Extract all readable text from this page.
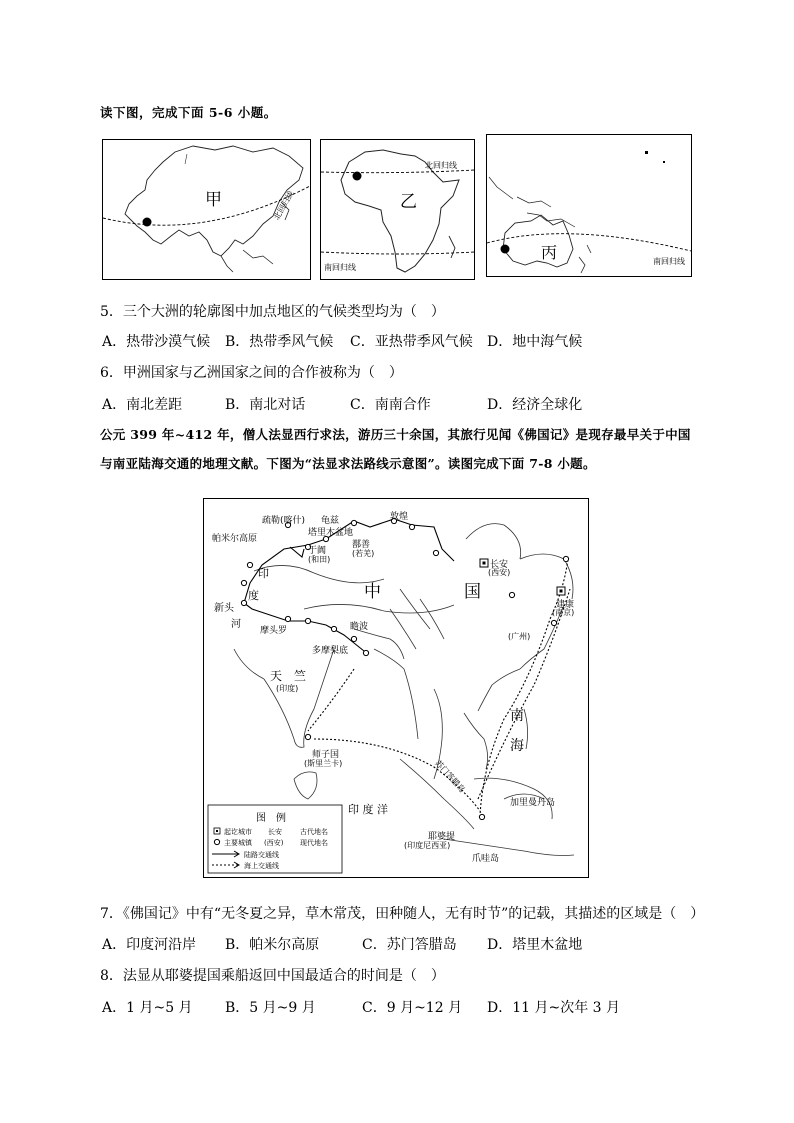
读下图，完成下面 5-6 小题。
甲	北回归线	乙
北回归线
南回归线
丙	南回归线
5．三个大洲的轮廓图中加点地区的气候类型均为（　）
A．热带沙漠气候 B．热带季风气候 C．亚热带季风气候 D．地中海气候
6．甲洲国家与乙洲国家之间的合作被称为（　）
A．南北差距	B．南北对话	C．南南合作	D．经济全球化
公元 399 年~412 年，僧人法显西行求法，游历三十余国，其旅行见闻《佛国记》是现存最早关于中国
与南亚陆海交通的地理文献。下图为“法显求法路线示意图”。读图完成下面 7-8 小题。
疏勒(喀什) 龟兹
塔里木盆地
敦煌
帕米尔高原
于阗
(和田)
鄯善
(若羌)
长安
(西安)
中	国
建康
(南京)
印
度
河
新 头
摩头罗	瞻波
多摩梨底
(广州)
天　竺
(印度)
南
海
师子国
(斯里兰卡)
印 度 洋
苏门答腊岛
加里曼丹岛
耶婆提
(印度尼西亚)
爪哇岛
图　例
起讫城市 长安	古代地名
主要城镇 (西安) 现代地名
陆路交通线
海上交通线
7．《佛国记》中有“无冬夏之异，草木常茂，田种随人，无有时节”的记载，其描述的区域是（　）
A．印度河沿岸 B．帕米尔高原	C．苏门答腊岛 D．塔里木盆地
8．法显从耶婆提国乘船返回中国最适合的时间是（　）
A．1 月~5 月 B．5 月~9 月	C．9 月~12 月 D．11 月~次年 3 月
